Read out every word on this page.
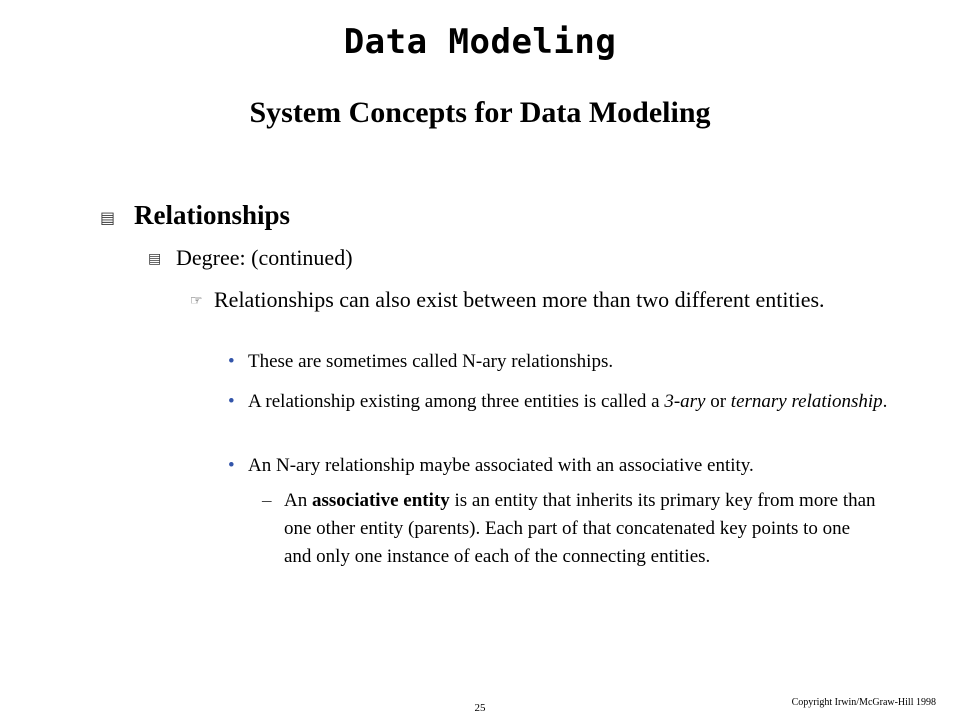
Data Modeling
System Concepts for Data Modeling
▤ Relationships
▤ Degree: (continued)
☞ Relationships can also exist between more than two different entities.
• These are sometimes called N-ary relationships.
• A relationship existing among three entities is called a 3-ary or ternary relationship.
• An N-ary relationship maybe associated with an associative entity.
– An associative entity is an entity that inherits its primary key from more than one other entity (parents). Each part of that concatenated key points to one and only one instance of each of the connecting entities.
25	Copyright Irwin/McGraw-Hill 1998
